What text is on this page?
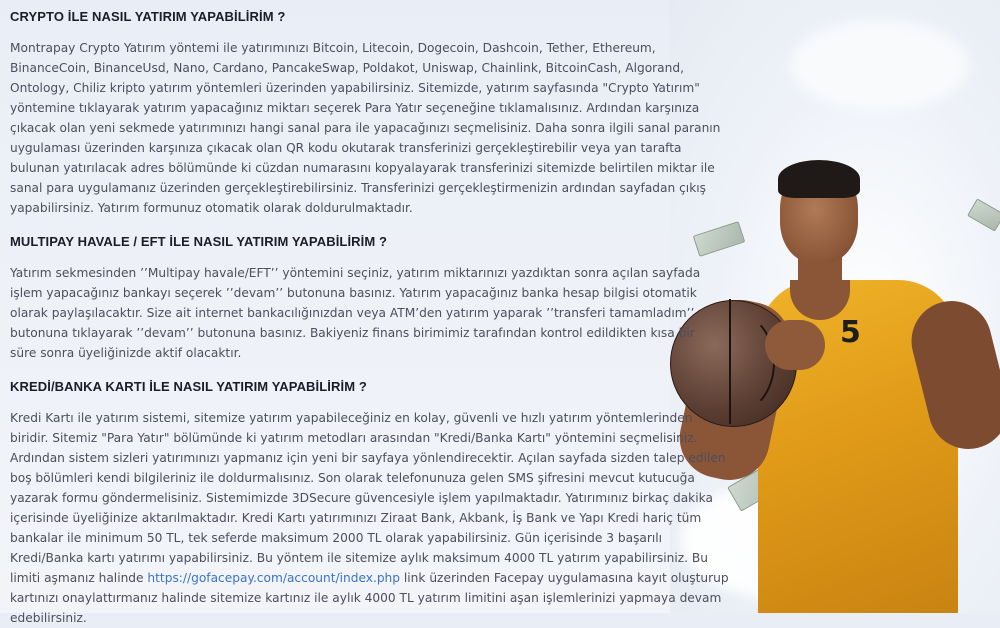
5
CRYPTO İLE NASIL YATIRIM YAPABİLİRİM ?

Montrapay Crypto Yatırım yöntemi ile yatırımınızı Bitcoin, Litecoin, Dogecoin, Dashcoin, Tether, Ethereum, BinanceCoin, BinanceUsd, Nano, Cardano, PancakeSwap, Poldakot, Uniswap, Chainlink, BitcoinCash, Algorand, Ontology, Chiliz kripto yatırım yöntemleri üzerinden yapabilirsiniz. Sitemizde, yatırım sayfasında "Crypto Yatırım" yöntemine tıklayarak yatırım yapacağınız miktarı seçerek Para Yatır seçeneğine tıklamalısınız. Ardından karşınıza çıkacak olan yeni sekmede yatırımınızı hangi sanal para ile yapacağınızı seçmelisiniz. Daha sonra ilgili sanal paranın uygulaması üzerinden karşınıza çıkacak olan QR kodu okutarak transferinizi gerçekleştirebilir veya yan tarafta bulunan yatırılacak adres bölümünde ki cüzdan numarasını kopyalayarak transferinizi sitemizde belirtilen miktar ile sanal para uygulamanız üzerinden gerçekleştirebilirsiniz. Transferinizi gerçekleştirmenizin ardından sayfadan çıkış yapabilirsiniz. Yatırım formunuz otomatik olarak doldurulmaktadır.

MULTIPAY HAVALE / EFT İLE NASIL YATIRIM YAPABİLİRİM ?

Yatırım sekmesinden ’’Multipay havale/EFT’’ yöntemini seçiniz, yatırım miktarınızı yazdıktan sonra açılan sayfada işlem yapacağınız bankayı seçerek ’’devam’’ butonuna basınız. Yatırım yapacağınız banka hesap bilgisi otomatik olarak paylaşılacaktır. Size ait internet bankacılığınızdan veya ATM’den yatırım yaparak ’’transferi tamamladım’’ butonuna tıklayarak ’’devam’’ butonuna basınız. Bakiyeniz finans birimimiz tarafından kontrol edildikten kısa bir süre sonra üyeliğinizde aktif olacaktır.

KREDİ/BANKA KARTI İLE NASIL YATIRIM YAPABİLİRİM ?

Kredi Kartı ile yatırım sistemi, sitemize yatırım yapabileceğiniz en kolay, güvenli ve hızlı yatırım yöntemlerinden biridir. Sitemiz "Para Yatır" bölümünde ki yatırım metodları arasından "Kredi/Banka Kartı" yöntemini seçmelisiniz. Ardından sistem sizleri yatırımınızı yapmanız için yeni bir sayfaya yönlendirecektir. Açılan sayfada sizden talep edilen boş bölümleri kendi bilgileriniz ile doldurmalısınız. Son olarak telefonunuza gelen SMS şifresini mevcut kutucuğa yazarak formu göndermelisiniz. Sistemimizde 3DSecure güvencesiyle işlem yapılmaktadır. Yatırımınız birkaç dakika içerisinde üyeliğinize aktarılmaktadır. Kredi Kartı yatırımınızı Ziraat Bank, Akbank, İş Bank ve Yapı Kredi hariç tüm bankalar ile minimum 50 TL, tek seferde maksimum 2000 TL olarak yapabilirsiniz. Gün içerisinde 3 başarılı Kredi/Banka kartı yatırımı yapabilirsiniz. Bu yöntem ile sitemize aylık maksimum 4000 TL yatırım yapabilirsiniz. Bu limiti aşmanız halinde https://gofacepay.com/account/index.php link üzerinden Facepay uygulamasına kayıt oluşturup kartınızı onaylattırmanız halinde sitemize kartınız ile aylık 4000 TL yatırım limitini aşan işlemlerinizi yapmaya devam edebilirsiniz.
